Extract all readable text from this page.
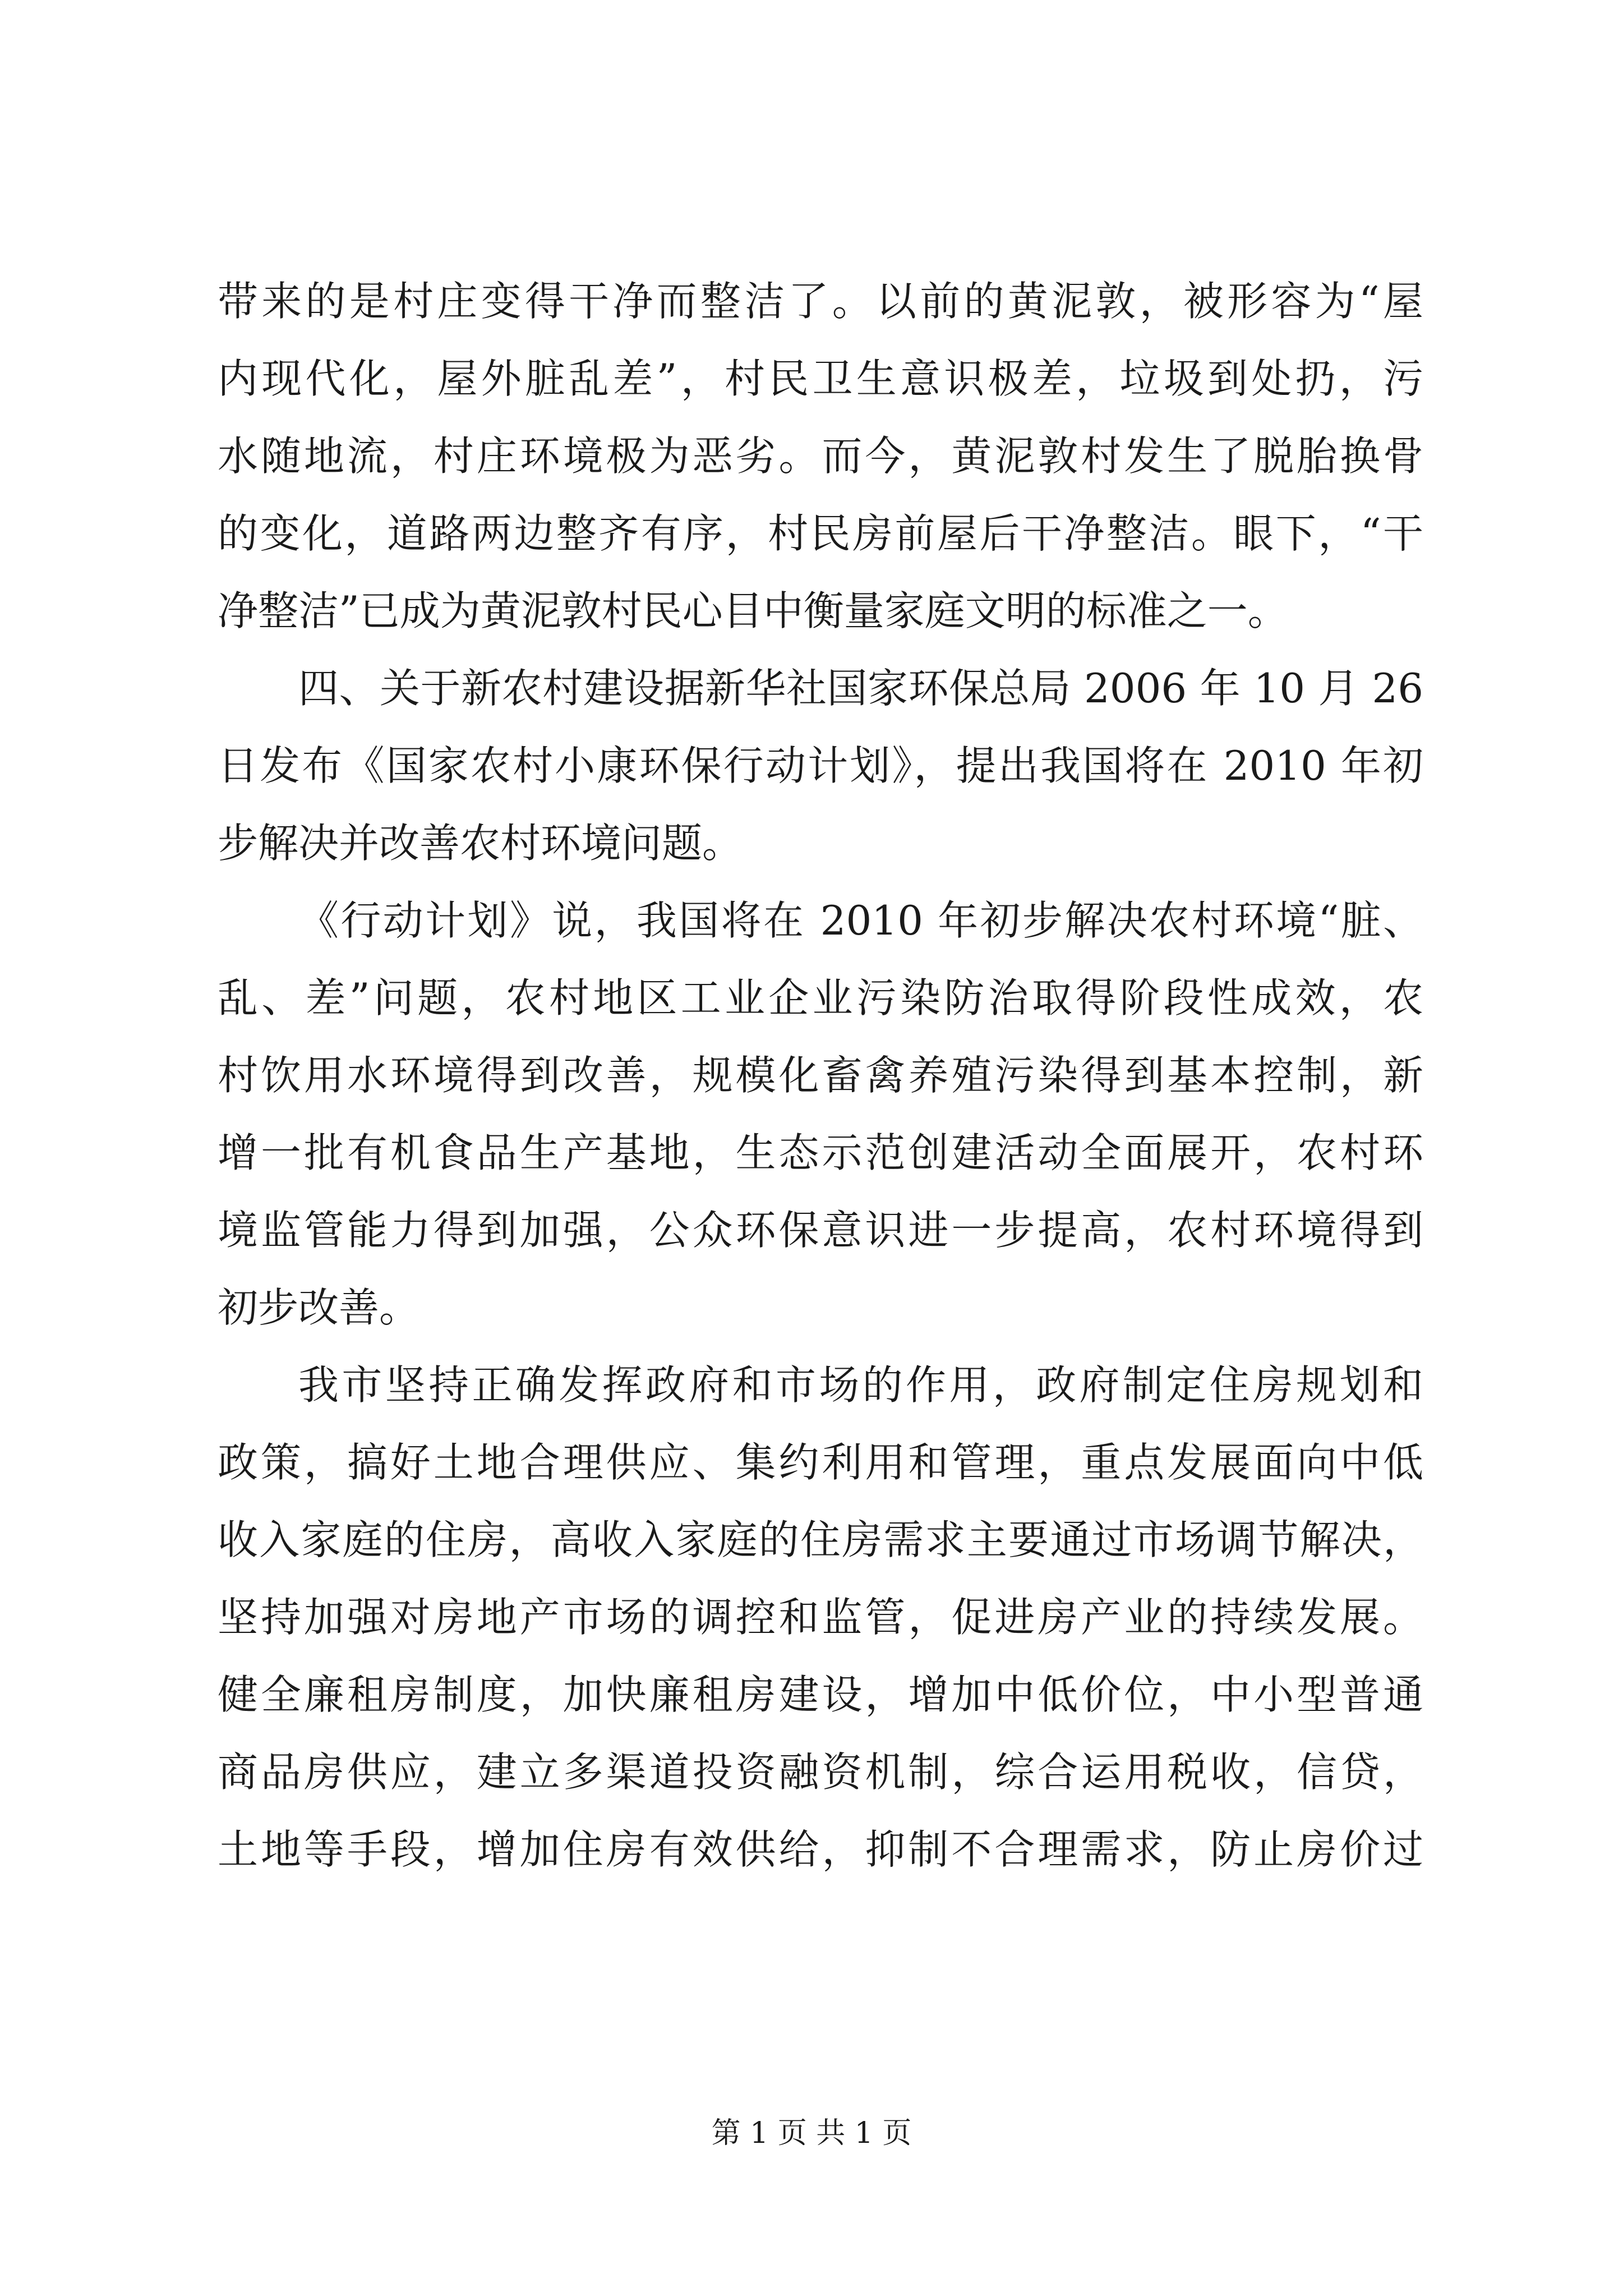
带来的是村庄变得干净而整洁了。以前的黄泥敦，被形容为“屋
内现代化，屋外脏乱差”，村民卫生意识极差，垃圾到处扔，污
水随地流，村庄环境极为恶劣。而今，黄泥敦村发生了脱胎换骨
的变化，道路两边整齐有序，村民房前屋后干净整洁。眼下，“干
净整洁”已成为黄泥敦村民心目中衡量家庭文明的标准之一。
四、关于新农村建设据新华社国家环保总局 2006 年 10 月 26
日发布《国家农村小康环保行动计划》，提出我国将在 2010 年初
步解决并改善农村环境问题。
《行动计划》说，我国将在 2010 年初步解决农村环境“脏、
乱、差”问题，农村地区工业企业污染防治取得阶段性成效，农
村饮用水环境得到改善，规模化畜禽养殖污染得到基本控制，新
增一批有机食品生产基地，生态示范创建活动全面展开，农村环
境监管能力得到加强，公众环保意识进一步提高，农村环境得到
初步改善。
我市坚持正确发挥政府和市场的作用，政府制定住房规划和
政策，搞好土地合理供应、集约利用和管理，重点发展面向中低
收入家庭的住房，高收入家庭的住房需求主要通过市场调节解决，
坚持加强对房地产市场的调控和监管，促进房产业的持续发展。
健全廉租房制度，加快廉租房建设，增加中低价位，中小型普通
商品房供应，建立多渠道投资融资机制，综合运用税收，信贷，
土地等手段，增加住房有效供给，抑制不合理需求，防止房价过
第 1 页 共 1 页
